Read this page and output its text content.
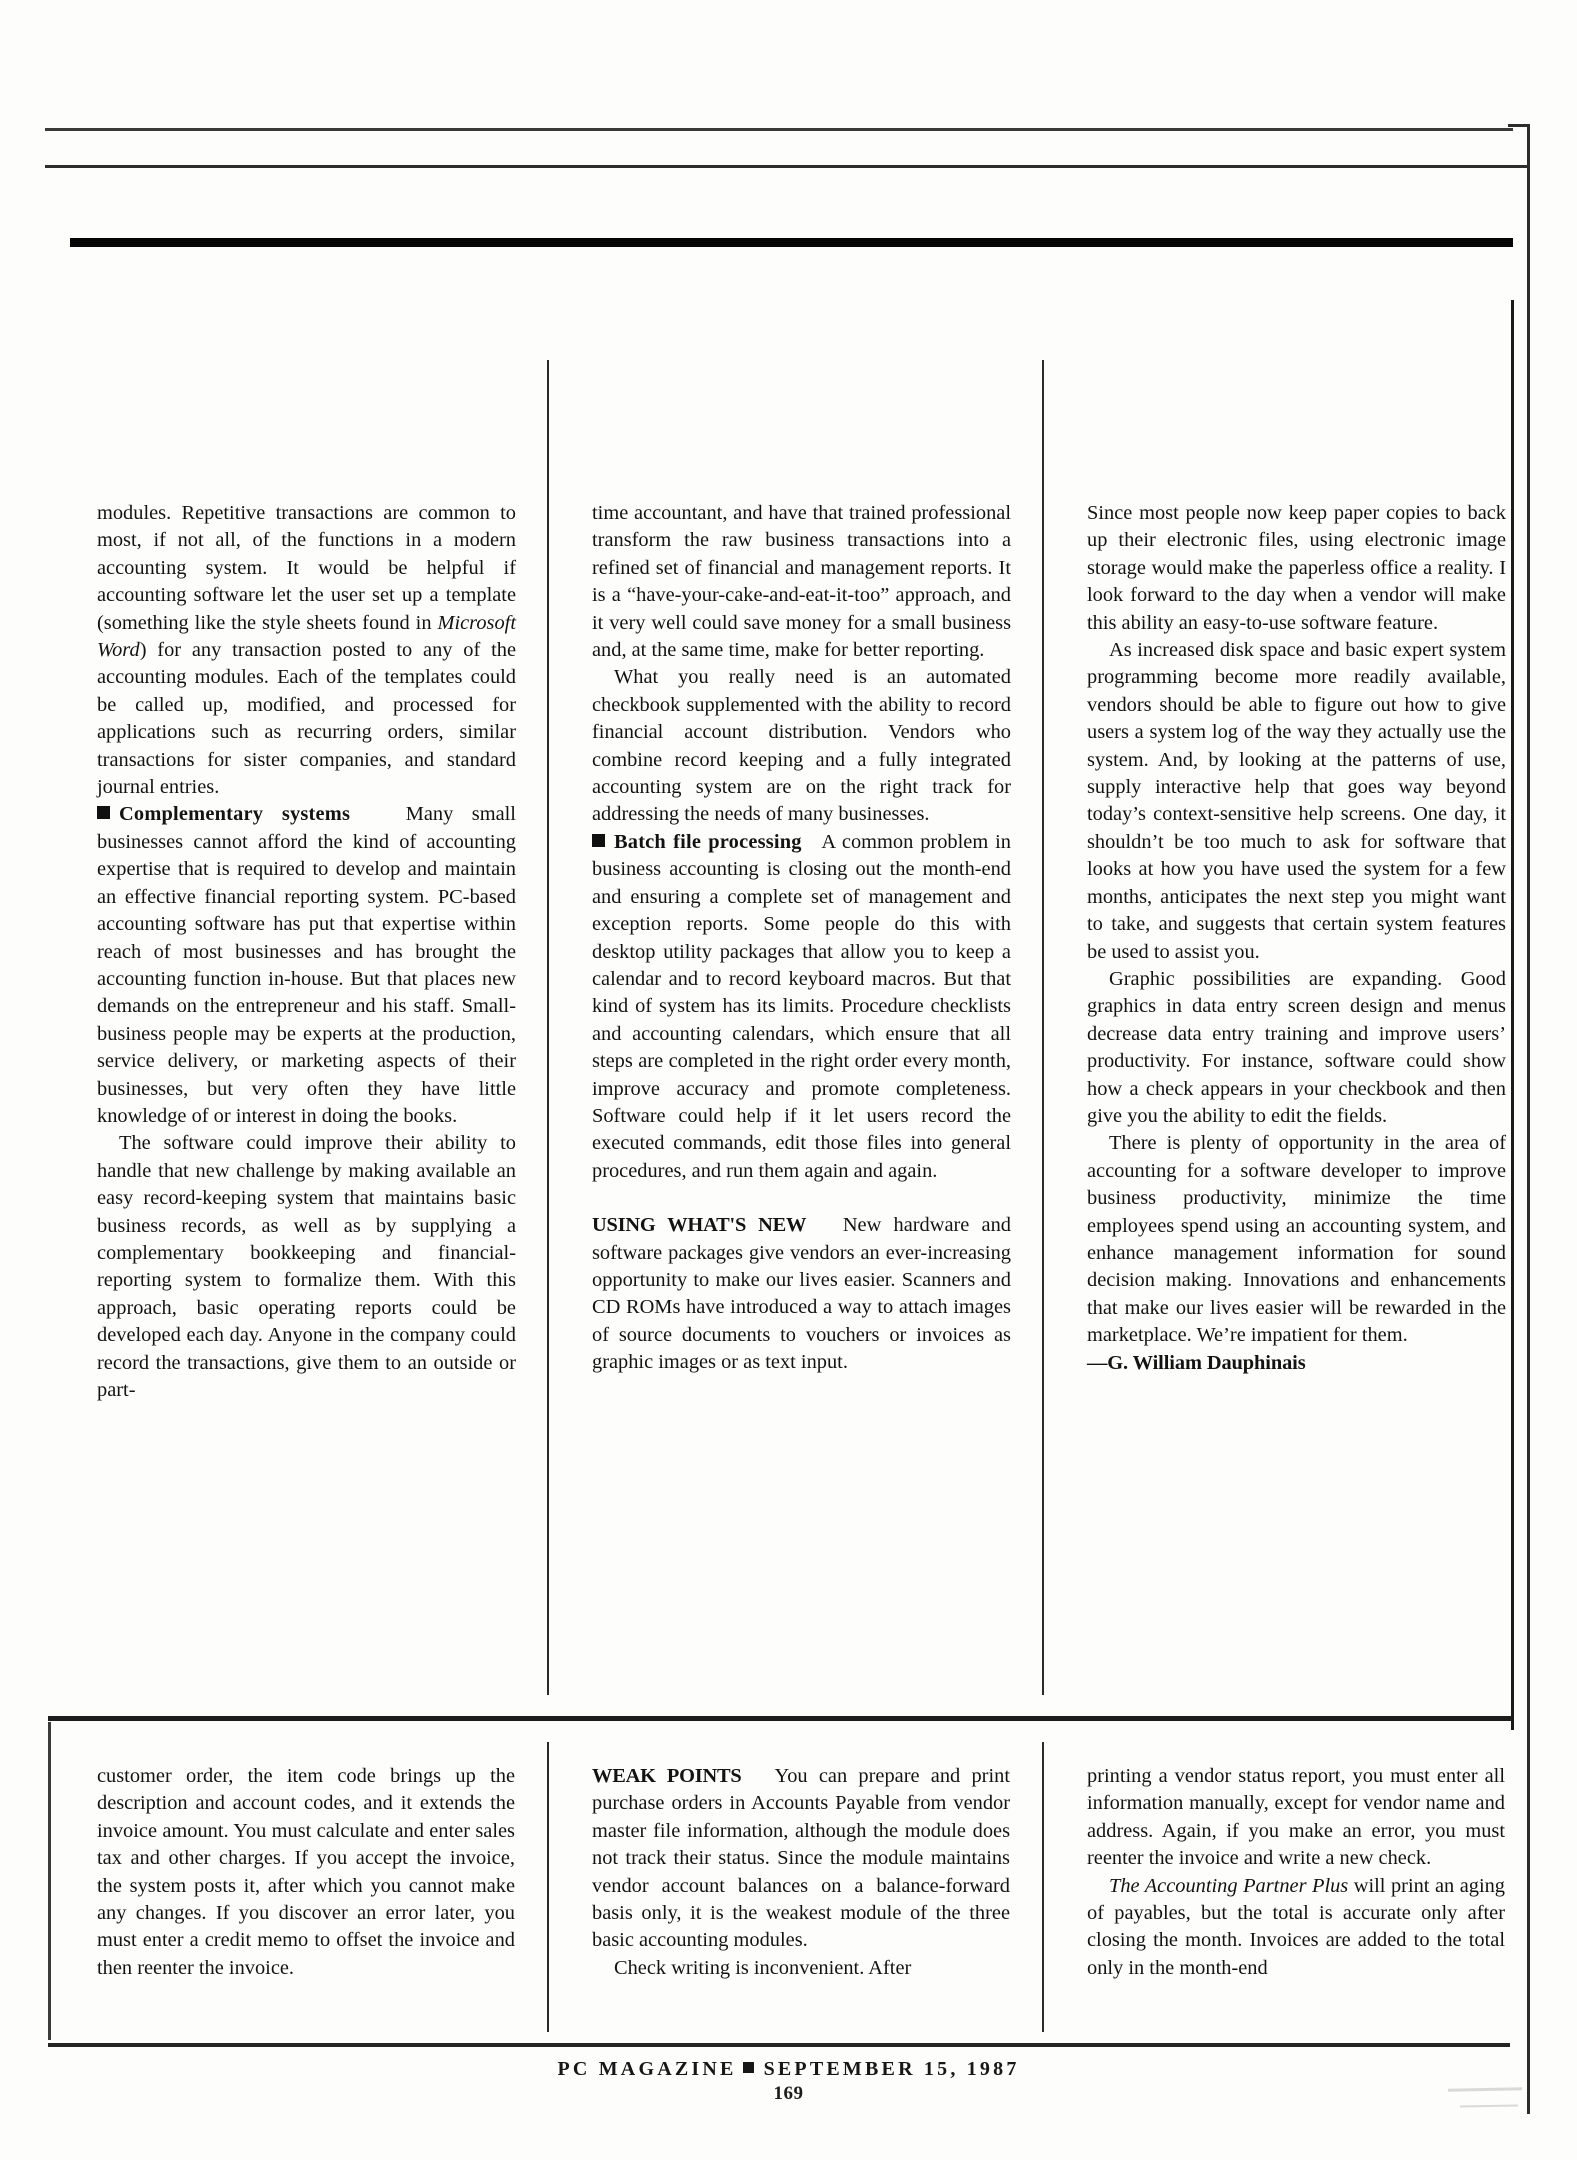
modules. Repetitive transactions are common to most, if not all, of the functions in a modern accounting system. It would be helpful if accounting software let the user set up a template (something like the style sheets found in Microsoft Word) for any transaction posted to any of the accounting modules. Each of the templates could be called up, modified, and processed for applications such as recurring orders, similar transactions for sister companies, and standard journal entries.

Complementary systems	Many small businesses cannot afford the kind of accounting expertise that is required to develop and maintain an effective financial reporting system. PC-based accounting software has put that expertise within reach of most businesses and has brought the accounting function in-house. But that places new demands on the entrepreneur and his staff. Small-business people may be experts at the production, service delivery, or marketing aspects of their businesses, but very often they have little knowledge of or interest in doing the books.

The software could improve their ability to handle that new challenge by making available an easy record-keeping system that maintains basic business records, as well as by supplying a complementary bookkeeping and financial-reporting system to formalize them. With this approach, basic operating reports could be developed each day. Anyone in the company could record the transactions, give them to an outside or part-

time accountant, and have that trained professional transform the raw business transactions into a refined set of financial and management reports. It is a “have-your-cake-and-eat-it-too” approach, and it very well could save money for a small business and, at the same time, make for better reporting.

What you really need is an automated checkbook supplemented with the ability to record financial account distribution. Vendors who combine record keeping and a fully integrated accounting system are on the right track for addressing the needs of many businesses.

Batch file processing A common problem in business accounting is closing out the month-end and ensuring a complete set of management and exception reports. Some people do this with desktop utility packages that allow you to keep a calendar and to record keyboard macros. But that kind of system has its limits. Procedure checklists and accounting calendars, which ensure that all steps are completed in the right order every month, improve accuracy and promote completeness. Software could help if it let users record the executed commands, edit those files into general procedures, and run them again and again.

USING WHAT'S NEW New hardware and software packages give vendors an ever-increasing opportunity to make our lives easier. Scanners and CD ROMs have introduced a way to attach images of source documents to vouchers or invoices as graphic images or as text input.

Since most people now keep paper copies to back up their electronic files, using electronic image storage would make the paperless office a reality. I look forward to the day when a vendor will make this ability an easy-to-use software feature.

As increased disk space and basic expert system programming become more readily available, vendors should be able to figure out how to give users a system log of the way they actually use the system. And, by looking at the patterns of use, supply interactive help that goes way beyond today’s context-sensitive help screens. One day, it shouldn’t be too much to ask for software that looks at how you have used the system for a few months, anticipates the next step you might want to take, and suggests that certain system features be used to assist you.

Graphic possibilities are expanding. Good graphics in data entry screen design and menus decrease data entry training and improve users’ productivity. For instance, software could show how a check appears in your checkbook and then give you the ability to edit the fields.

There is plenty of opportunity in the area of accounting for a software developer to improve business productivity, minimize the time employees spend using an accounting system, and enhance management information for sound decision making. Innovations and enhancements that make our lives easier will be rewarded in the marketplace. We’re impatient for them.

—G. William Dauphinais

customer order, the item code brings up the description and account codes, and it extends the invoice amount. You must calculate and enter sales tax and other charges. If you accept the invoice, the system posts it, after which you cannot make any changes. If you discover an error later, you must enter a credit memo to offset the invoice and then reenter the invoice.

WEAK POINTS You can prepare and print purchase orders in Accounts Payable from vendor master file information, although the module does not track their status. Since the module maintains vendor account balances on a balance-forward basis only, it is the weakest module of the three basic accounting modules.

Check writing is inconvenient. After

printing a vendor status report, you must enter all information manually, except for vendor name and address. Again, if you make an error, you must reenter the invoice and write a new check.

The Accounting Partner Plus will print an aging of payables, but the total is accurate only after closing the month. Invoices are added to the total only in the month-end

PC MAGAZINE SEPTEMBER 15, 1987
169
